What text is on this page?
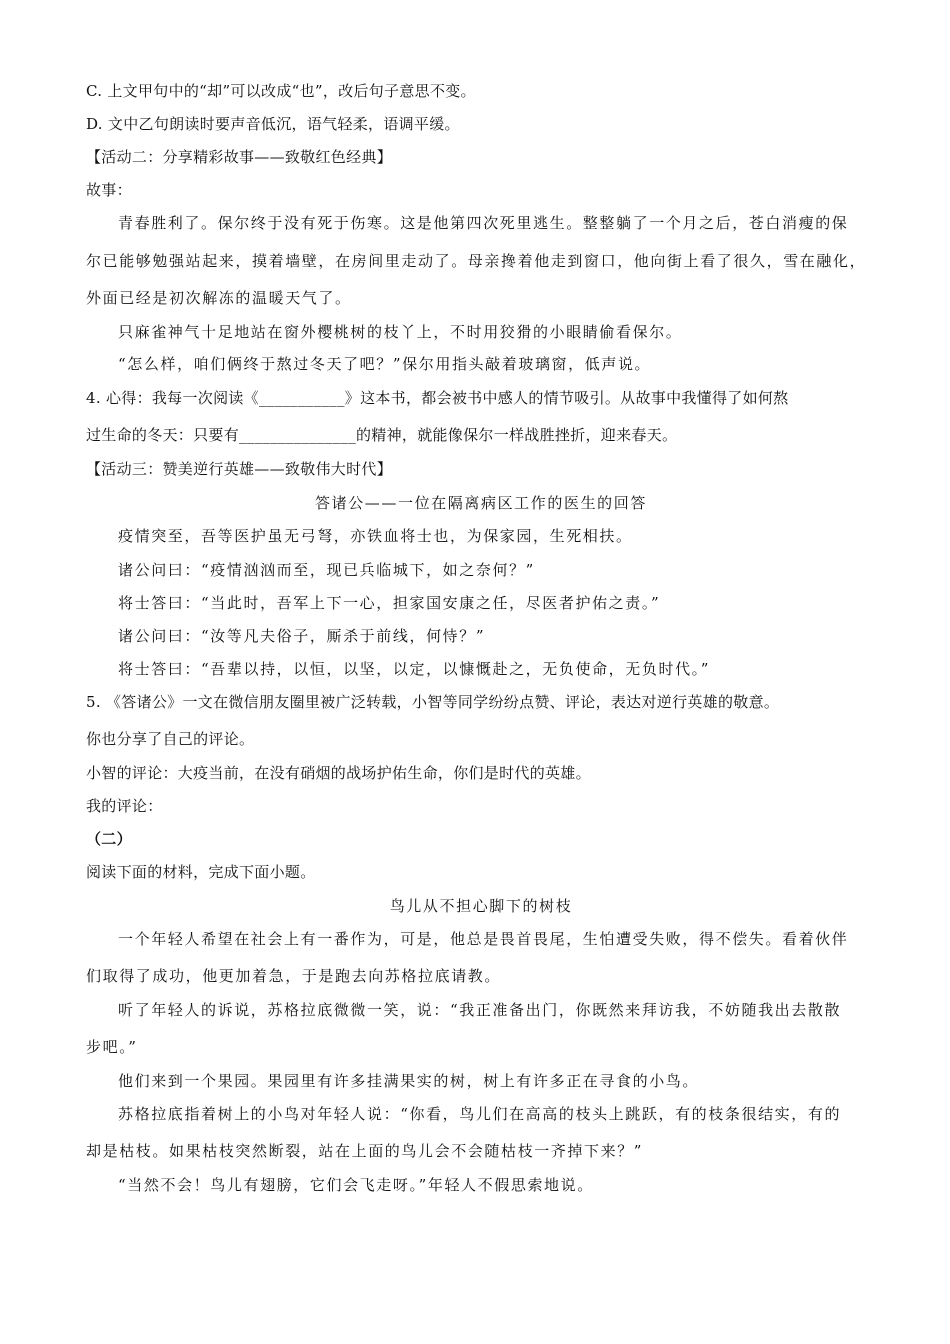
C. 上文甲句中的“却”可以改成“也”，改后句子意思不变。
D. 文中乙句朗读时要声音低沉，语气轻柔，语调平缓。
【活动二：分享精彩故事——致敬红色经典】
故事：
青春胜利了。保尔终于没有死于伤寒。这是他第四次死里逃生。整整躺了一个月之后，苍白消瘦的保
尔已能够勉强站起来，摸着墙壁，在房间里走动了。母亲搀着他走到窗口，他向街上看了很久，雪在融化，
外面已经是初次解冻的温暖天气了。
只麻雀神气十足地站在窗外樱桃树的枝丫上，不时用狡猾的小眼睛偷看保尔。
“怎么样，咱们俩终于熬过冬天了吧？”保尔用指头敲着玻璃窗，低声说。
4. 心得：我每一次阅读《___________》这本书，都会被书中感人的情节吸引。从故事中我懂得了如何熬
过生命的冬天：只要有_______________的精神，就能像保尔一样战胜挫折，迎来春天。
【活动三：赞美逆行英雄——致敬伟大时代】
答诸公——一位在隔离病区工作的医生的回答
疫情突至，吾等医护虽无弓弩，亦铁血将士也，为保家园，生死相扶。
诸公问曰：“疫情汹汹而至，现已兵临城下，如之奈何？”
将士答曰：“当此时，吾军上下一心，担家国安康之任，尽医者护佑之责。”
诸公问曰：“汝等凡夫俗子，厮杀于前线，何恃？”
将士答曰：“吾辈以持，以恒，以坚，以定，以慷慨赴之，无负使命，无负时代。”
5. 《答诸公》一文在微信朋友圈里被广泛转载，小智等同学纷纷点赞、评论，表达对逆行英雄的敬意。
你也分享了自己的评论。
小智的评论：大疫当前，在没有硝烟的战场护佑生命，你们是时代的英雄。
我的评论：
（二）
阅读下面的材料，完成下面小题。
鸟儿从不担心脚下的树枝
一个年轻人希望在社会上有一番作为，可是，他总是畏首畏尾，生怕遭受失败，得不偿失。看着伙伴
们取得了成功，他更加着急，于是跑去向苏格拉底请教。
听了年轻人的诉说，苏格拉底微微一笑，说：“我正准备出门，你既然来拜访我，不妨随我出去散散
步吧。”
他们来到一个果园。果园里有许多挂满果实的树，树上有许多正在寻食的小鸟。
苏格拉底指着树上的小鸟对年轻人说：“你看，鸟儿们在高高的枝头上跳跃，有的枝条很结实，有的
却是枯枝。如果枯枝突然断裂，站在上面的鸟儿会不会随枯枝一齐掉下来？”
“当然不会！鸟儿有翅膀，它们会飞走呀。”年轻人不假思索地说。
